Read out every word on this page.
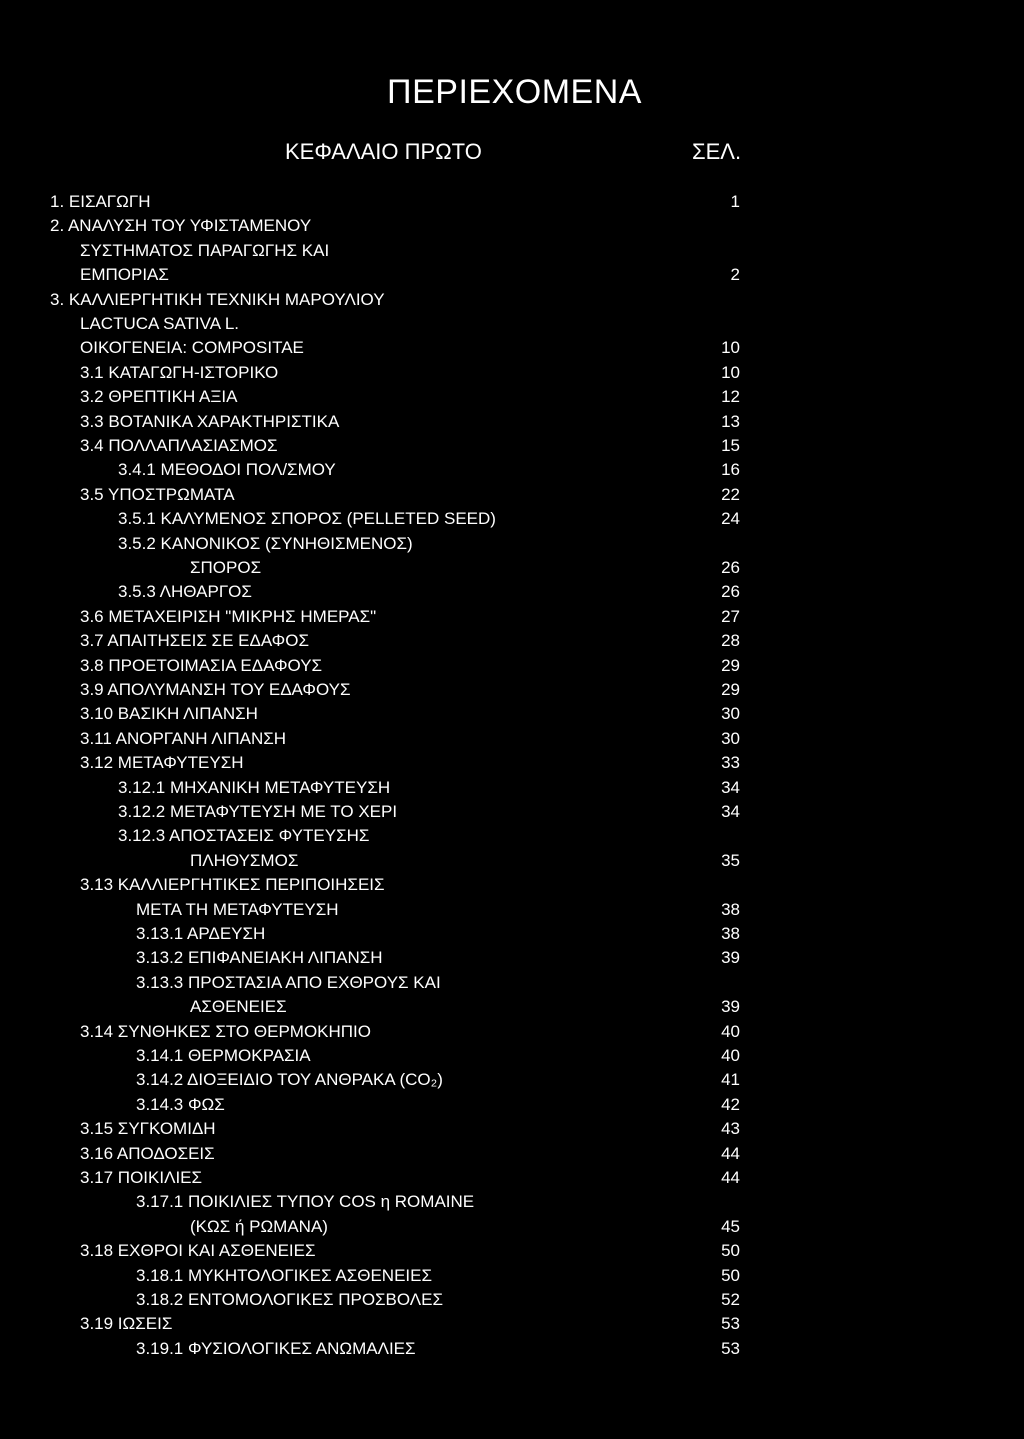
ΠΕΡΙΕΧΟΜΕΝΑ
ΚΕΦΑΛΑΙΟ ΠΡΩΤΟ	ΣΕΛ.
1. ΕΙΣΑΓΩΓΗ	1
2. ΑΝΑΛΥΣΗ ΤΟΥ ΥΦΙΣΤΑΜΕΝΟΥ
ΣΥΣΤΗΜΑΤΟΣ ΠΑΡΑΓΩΓΗΣ ΚΑΙ
ΕΜΠΟΡΙΑΣ	2
3. ΚΑΛΛΙΕΡΓΗΤΙΚΗ ΤΕΧΝΙΚΗ ΜΑΡΟΥΛΙΟΥ
LACTUCA SATIVA L.
ΟΙΚΟΓΕΝΕΙΑ: COMPOSITAE	10
3.1 ΚΑΤΑΓΩΓΗ-ΙΣΤΟΡΙΚΟ	10
3.2 ΘΡΕΠΤΙΚΗ ΑΞΙΑ	12
3.3 ΒΟΤΑΝΙΚΑ ΧΑΡΑΚΤΗΡΙΣΤΙΚΑ	13
3.4 ΠΟΛΛΑΠΛΑΣΙΑΣΜΟΣ	15
3.4.1 ΜΕΘΟΔΟΙ ΠΟΛ/ΣΜΟΥ	16
3.5 ΥΠΟΣΤΡΩΜΑΤΑ	22
3.5.1 ΚΑΛΥΜΕΝΟΣ ΣΠΟΡΟΣ (PELLETED SEED)	24
3.5.2 ΚΑΝΟΝΙΚΟΣ (ΣΥΝΗΘΙΣΜΕΝΟΣ)
ΣΠΟΡΟΣ	26
3.5.3 ΛΗΘΑΡΓΟΣ	26
3.6 ΜΕΤΑΧΕΙΡΙΣΗ "ΜΙΚΡΗΣ ΗΜΕΡΑΣ"	27
3.7 ΑΠΑΙΤΗΣΕΙΣ ΣΕ ΕΔΑΦΟΣ	28
3.8 ΠΡΟΕΤΟΙΜΑΣΙΑ ΕΔΑΦΟΥΣ	29
3.9 ΑΠΟΛΥΜΑΝΣΗ ΤΟΥ ΕΔΑΦΟΥΣ	29
3.10 ΒΑΣΙΚΗ ΛΙΠΑΝΣΗ	30
3.11 ΑΝΟΡΓΑΝΗ ΛΙΠΑΝΣΗ	30
3.12 ΜΕΤΑΦΥΤΕΥΣΗ	33
3.12.1 ΜΗΧΑΝΙΚΗ ΜΕΤΑΦΥΤΕΥΣΗ	34
3.12.2 ΜΕΤΑΦΥΤΕΥΣΗ ΜΕ ΤΟ ΧΕΡΙ	34
3.12.3 ΑΠΟΣΤΑΣΕΙΣ ΦΥΤΕΥΣΗΣ
ΠΛΗΘΥΣΜΟΣ	35
3.13 ΚΑΛΛΙΕΡΓΗΤΙΚΕΣ ΠΕΡΙΠΟΙΗΣΕΙΣ
ΜΕΤΑ ΤΗ ΜΕΤΑΦΥΤΕΥΣΗ	38
3.13.1 ΑΡΔΕΥΣΗ	38
3.13.2 ΕΠΙΦΑΝΕΙΑΚΗ ΛΙΠΑΝΣΗ	39
3.13.3 ΠΡΟΣΤΑΣΙΑ ΑΠΟ ΕΧΘΡΟΥΣ ΚΑΙ
ΑΣΘΕΝΕΙΕΣ	39
3.14 ΣΥΝΘΗΚΕΣ ΣΤΟ ΘΕΡΜΟΚΗΠΙΟ	40
3.14.1 ΘΕΡΜΟΚΡΑΣΙΑ	40
3.14.2 ΔΙΟΞΕΙΔΙΟ ΤΟΥ ΑΝΘΡΑΚΑ (CO₂)	41
3.14.3 ΦΩΣ	42
3.15 ΣΥΓΚΟΜΙΔΗ	43
3.16 ΑΠΟΔΟΣΕΙΣ	44
3.17 ΠΟΙΚΙΛΙΕΣ	44
3.17.1 ΠΟΙΚΙΛΙΕΣ ΤΥΠΟΥ COS η ROMAINE
(ΚΩΣ ή ΡΩΜΑΝΑ)	45
3.18 ΕΧΘΡΟΙ ΚΑΙ ΑΣΘΕΝΕΙΕΣ	50
3.18.1 ΜΥΚΗΤΟΛΟΓΙΚΕΣ ΑΣΘΕΝΕΙΕΣ	50
3.18.2 ΕΝΤΟΜΟΛΟΓΙΚΕΣ ΠΡΟΣΒΟΛΕΣ	52
3.19 ΙΩΣΕΙΣ	53
3.19.1 ΦΥΣΙΟΛΟΓΙΚΕΣ ΑΝΩΜΑΛΙΕΣ	53
